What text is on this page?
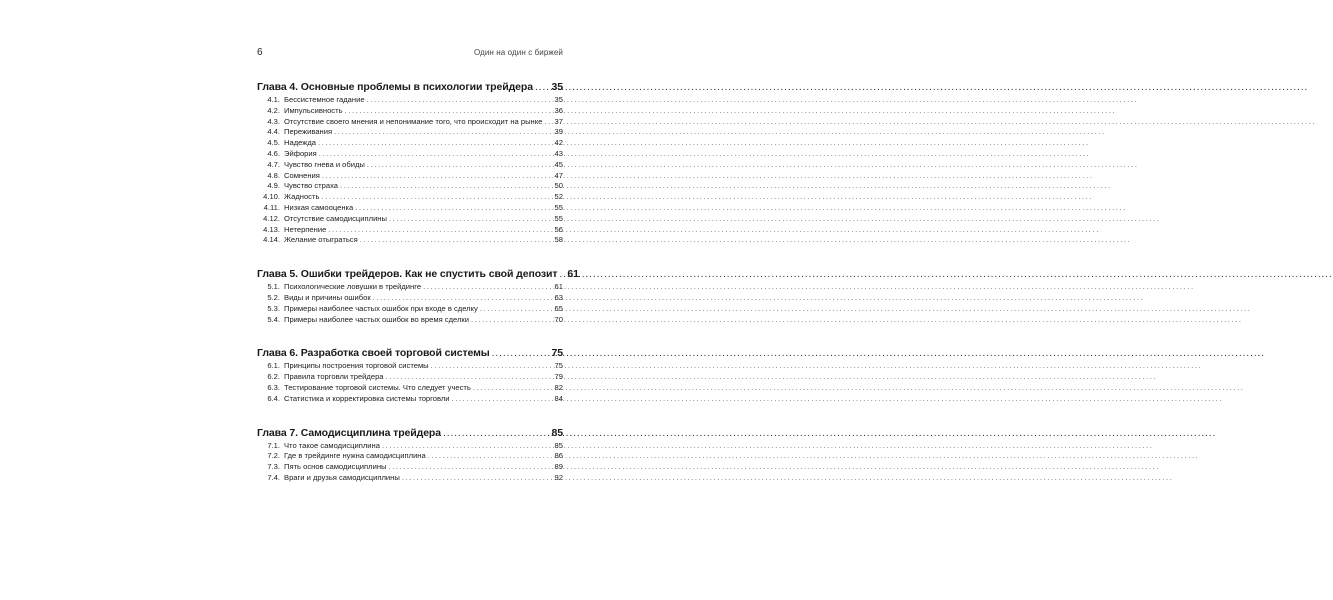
6	Один на один с биржей
Глава 4. Основные проблемы в психологии трейдера ..... 35
4.1. Бессистемное гадание .....	35
4.2. Импульсивность .....	36
4.3. Отсутствие своего мнения и непонимание того, что происходит на рынке ..... 37
4.4. Переживания .....	39
4.5. Надежда .....	42
4.6. Эйфория .....	43
4.7. Чувство гнева и обиды .....	45
4.8. Сомнения .....	47
4.9. Чувство страха .....	50
4.10. Жадность .....	52
4.11. Низкая самооценка .....	55
4.12. Отсутствие самодисциплины .....	55
4.13. Нетерпение .....	56
4.14. Желание отыграться .....	58
Глава 5. Ошибки трейдеров. Как не спустить свой депозит ..... 61
5.1. Психологические ловушки в трейдинге .....	61
5.2. Виды и причины ошибок .....	63
5.3. Примеры наиболее частых ошибок при входе в сделку .....	65
5.4. Примеры наиболее частых ошибок во время сделки .....	70
Глава 6. Разработка своей торговой системы .....	75
6.1. Принципы построения торговой системы .....	75
6.2. Правила торговли трейдера .....	79
6.3. Тестирование торговой системы. Что следует учесть .....	82
6.4. Статистика и корректировка системы торговли .....	84
Глава 7. Самодисциплина трейдера .....	85
7.1. Что такое самодисциплина .....	85
7.2. Где в трейдинге нужна самодисциплина .....	86
7.3. Пять основ самодисциплины .....	89
7.4. Враги и друзья самодисциплины .....	92
